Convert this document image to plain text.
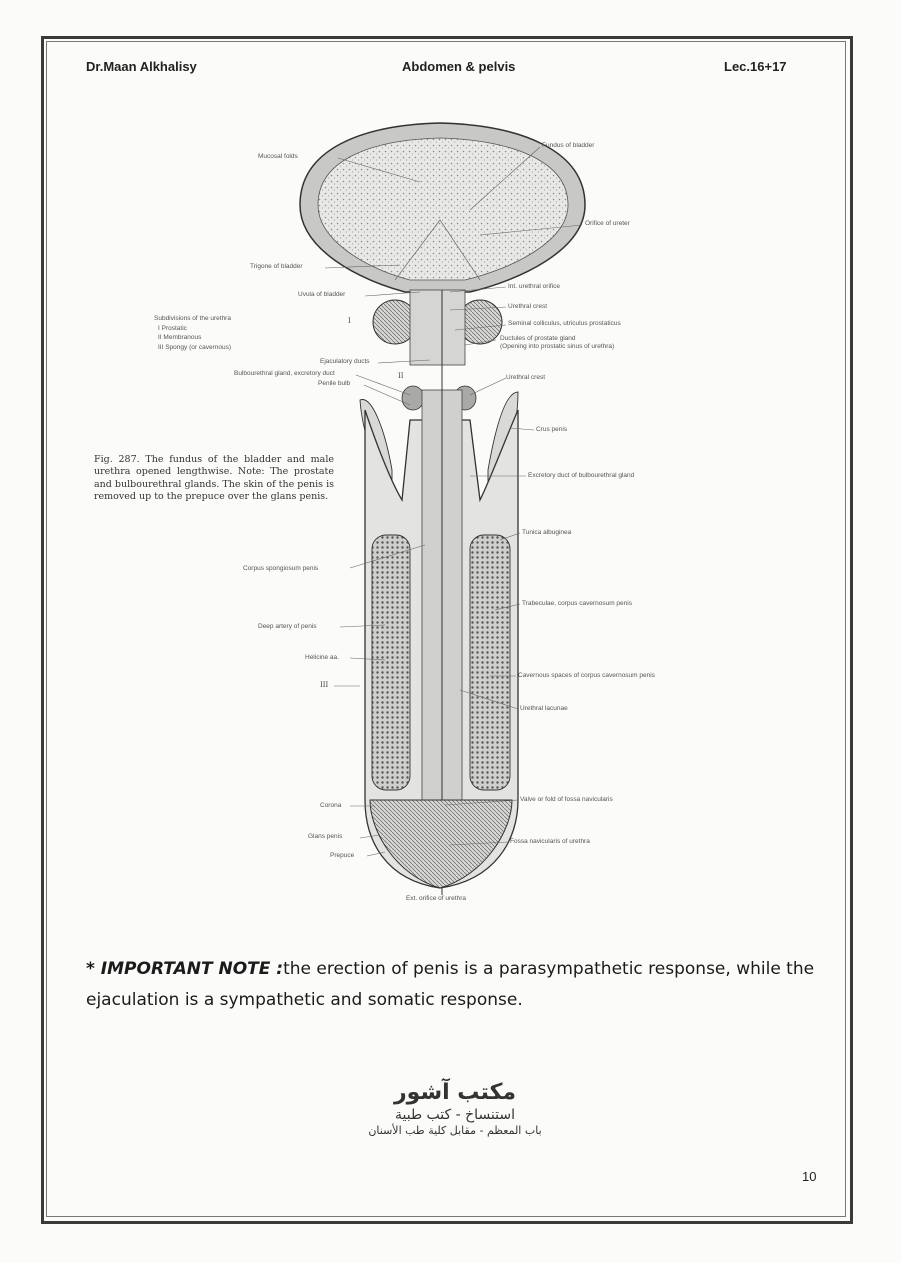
Dr.Maan Alkhalisy	Abdomen & pelvis	Lec.16+17
Mucosal folds
Fundus of bladder
Orifice of ureter
Trigone of bladder
Int. urethral orifice
Uvula of bladder
Urethral crest
Seminal colliculus, utriculus prostaticus
Ductules of prostate gland
(Opening into prostatic sinus of urethra)
Subdivisions of the urethra
I Prostatic
II Membranous
III Spongy (or cavernous)
I
II
III
Ejaculatory ducts
Bulbourethral gland, excretory duct
Penile bulb
Urethral crest
Crus penis
Fig. 287. The fundus of the bladder and male urethra opened lengthwise. Note: The prostate and bulbourethral glands. The skin of the penis is removed up to the prepuce over the glans penis.
Excretory duct of bulbourethral gland
Tunica albuginea
Corpus spongiosum penis
Trabeculae, corpus cavernosum penis
Deep artery of penis
Helicine aa.
Cavernous spaces of corpus cavernosum penis
Urethral lacunae
Corona
Valve or fold of fossa navicularis
Glans penis
Fossa navicularis of urethra
Prepuce
Ext. orifice of urethra
* IMPORTANT NOTE :the erection of penis is a parasympathetic response, while the ejaculation is a sympathetic and somatic response.
مكتب آشور
استنساخ - كتب طبية
باب المعظم - مقابل كلية طب الأسنان
10
